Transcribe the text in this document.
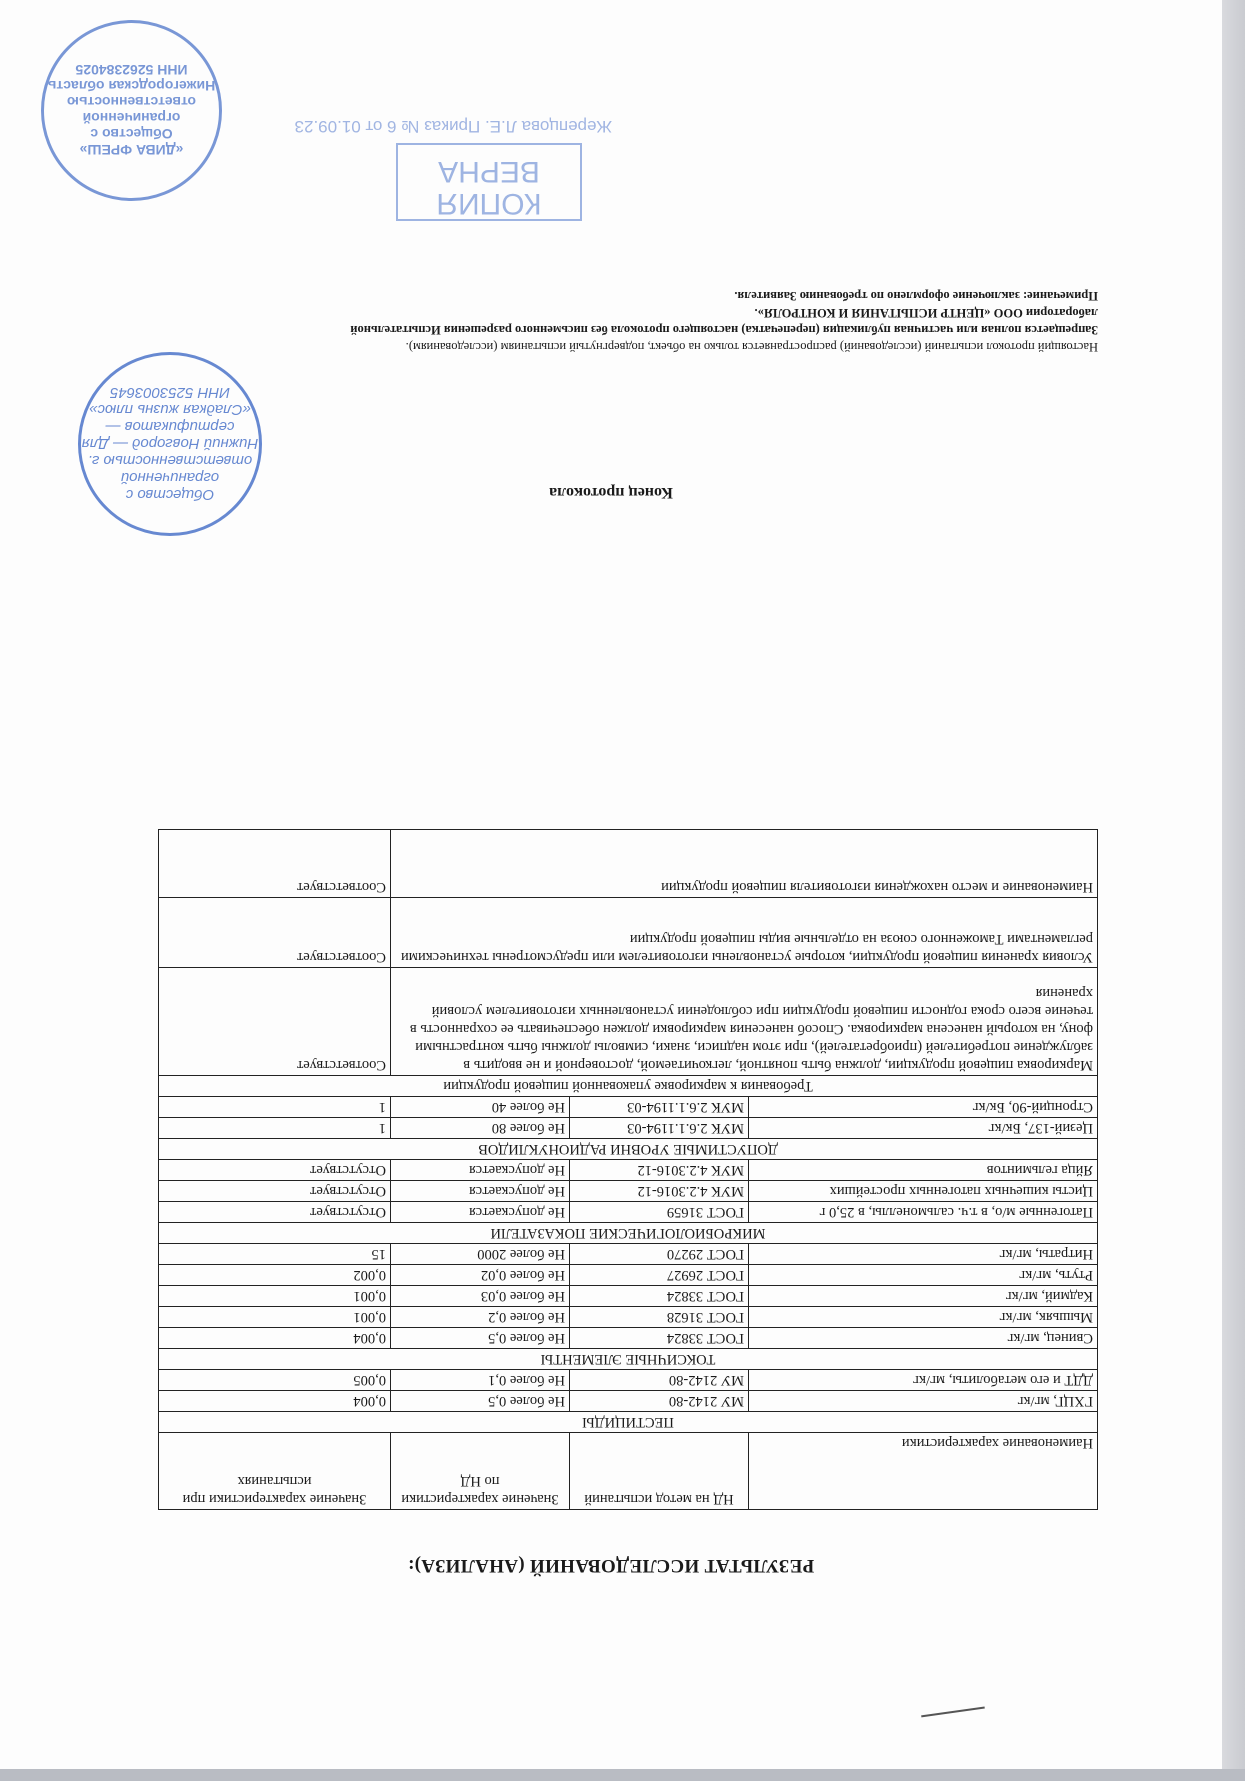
РЕЗУЛЬТАТ ИССЛЕДОВАНИЙ (АНАЛИЗА):
Наименование характеристики	НД на метод испытаний	Значение характеристики по НД	Значение характеристики при испытаниях
ПЕСТИЦИДЫ			
ГХЦГ, мг/кг	МУ 2142-80	Не более 0,5	0,004
ДДТ и его метаболиты, мг/кг	МУ 2142-80	Не более 0,1	0,005
ТОКСИЧНЫЕ ЭЛЕМЕНТЫ			
Свинец, мг/кг	ГОСТ 33824	Не более 0,5	0,004
Мышьяк, мг/кг	ГОСТ 31628	Не более 0,2	0,001
Кадмий, мг/кг	ГОСТ 33824	Не более 0,03	0,001
Ртуть, мг/кг	ГОСТ 26927	Не более 0,02	0,002
Нитраты, мг/кг	ГОСТ 29270	Не более 2000	15
МИКРОБИОЛОГИЧЕСКИЕ ПОКАЗАТЕЛИ			
Патогенные м/о, в т.ч. сальмонеллы, в 25,0 г	ГОСТ 31659	Не допускается	Отсутствует
Цисты кишечных патогенных простейших	МУК 4.2.3016-12	Не допускается	Отсутствует
Яйца гельминтов	МУК 4.2.3016-12	Не допускается	Отсутствует
ДОПУСТИМЫЕ УРОВНИ РАДИОНУКЛИДОВ			
Цезий-137, Бк/кг	МУК 2.6.1.1194-03	Не более 80	1
Стронций-90, Бк/кг	МУК 2.6.1.1194-03	Не более 40	1
Требования к маркировке упакованной пищевой продукции			
Маркировка пищевой продукции, должна быть понятной, легкочитаемой, достоверной и не вводить в заблуждение потребителей (приобретателей), при этом надписи, знаки, символы должны быть контрастными фону, на который нанесена маркировка. Способ нанесения маркировки должен обеспечивать ее сохранность в течение всего срока годности пищевой продукции при соблюдении установленных изготовителем условий хранения			Соответствует
Условия хранения пищевой продукции, которые установлены изготовителем или предусмотрены техническими регламентами Таможенного союза на отдельные виды пищевой продукции			Соответствует
Наименование и место нахождения изготовителя пищевой продукции			Соответствует
Конец протокола
Общество с ограниченной ответственностью г. Нижний Новгород — Для сертификатов — «Сладкая жизнь плюс» ИНН 5253003645
Настоящий протокол испытаний (исследований) распространяется только на объект, подвергнутый испытаниям (исследованиям).
Запрещается полная или частичная публикация (перепечатка) настоящего протокола без письменного разрешения Испытательной
лаборатории ООО «ЦЕНТР ИСПЫТАНИЯ И КОНТРОЛЯ».
Примечание: заключение оформлено по требованию Заявителя.
КОПИЯ ВЕРНА
Жерепцова Л.Е. Приказ № 6 от 01.09.23
«ДИВА ФРЕШ» Общество с ограниченной ответственностью Нижегородская область ИНН 5262384025
